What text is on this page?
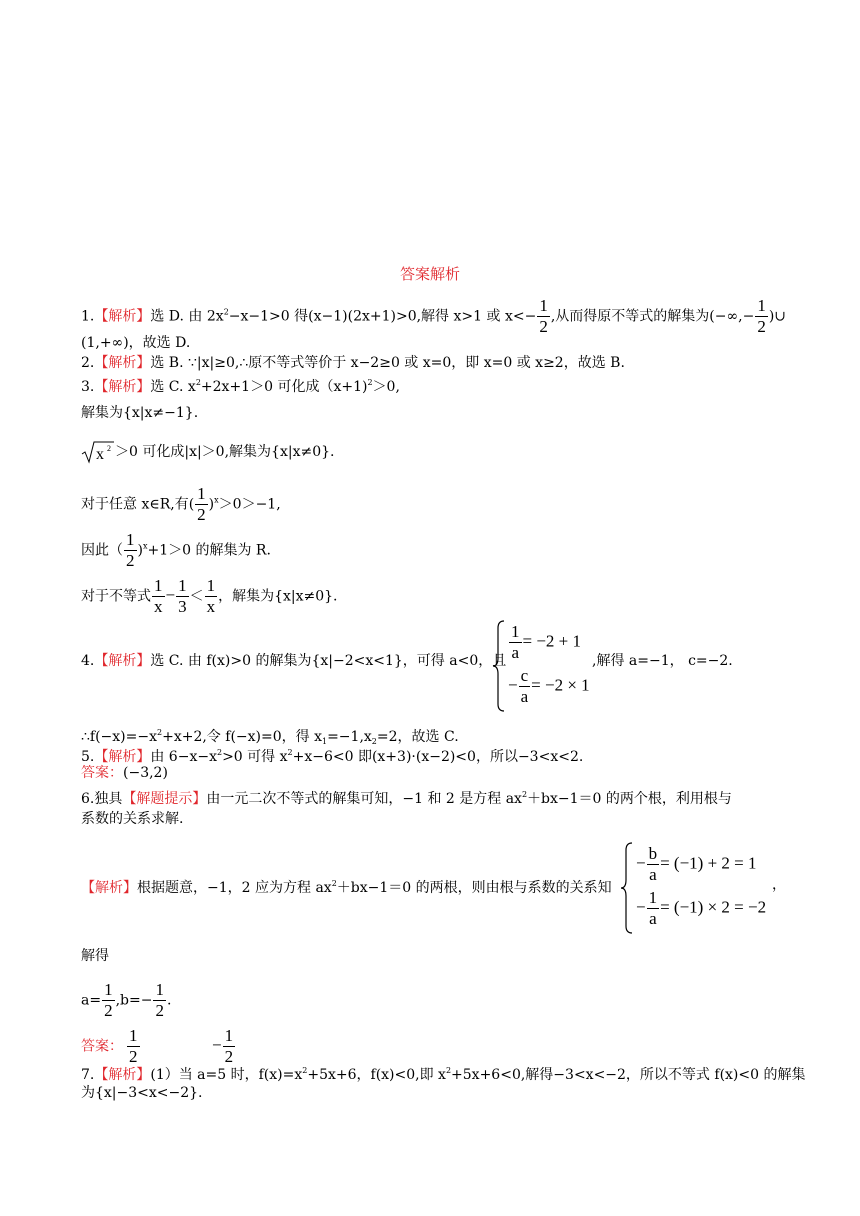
答案解析
1.【解析】选 D. 由 $2x^2-x-1>0$ 得(x−1)(2x+1)>0,解得 x>1 或 $x<- \frac{1}{2}$ ,从而得原不等式的解集为(−∞,− $\frac{1}{2}$ )∪
(1,+∞)，故选 D.
2.【解析】选 B. ∵|x|≥0,∴原不等式等价于 x−2≥0 或 x=0，即 x=0 或 x≥2，故选 B.
3.【解析】选 C. $x^2+2x+1>0$ 可化成（x+1)$^2$＞0,
解集为{x|x≠−1}.
x 2 ＞0 可化成|x|＞0,解集为{x|x≠0}.
对于任意 x∈R,有( $\frac{1}{2} )^x>0>-1$,
因此（ $\frac{1}{2} )^x+1>0$ 的解集为 R.
对于不等式 $\frac{1}{x} - \frac{1}{3} < \frac{1}{x}$ ，解集为{x|x≠0}.
4.【解析】选 C. 由 f(x)>0 的解集为{x|−2<x<1}，可得 a<0，且 $\frac{1}{a} = -2 + 1$
− $\frac{c}{a} = -2 \times 1$
,解得 a=−1， c=−2.
$\therefore f(-x)=-x^2+x+2$,令 f(−x)=0，得 $x_1=-1,x_2=2$，故选 C.
5.【解析】由 $6-x-x^2>0$ 可得 $x^2+x-6<0$ 即(x+3)·(x−2)<0，所以−3<x<2.
答案：(−3,2)
6.独具【解题提示】由一元二次不等式的解集可知，−1 和 2 是方程 $ax^2+bx-1=0$ 的两个根，利用根与
系数的关系求解.
【解析】根据题意，−1，2 应为方程 $ax^2+bx-1=0$ 的两根，则由根与系数的关系知
− $\frac{b}{a} = (-1) + 2 = 1$
− $\frac{1}{a} = (-1) \times 2 = -2$
，
解得
$a= \frac{1}{2} ,b=- \frac{1}{2}$ .
答案： $\frac{1}{2}$	− $\frac{1}{2}$
7.【解析】(1）当 a=5 时，$f(x)=x^2+5x+6$，f(x)<0,即 $x^2+5x+6<0$,解得−3<x<−2，所以不等式 f(x)<0 的解集
为{x|−3<x<−2}.
